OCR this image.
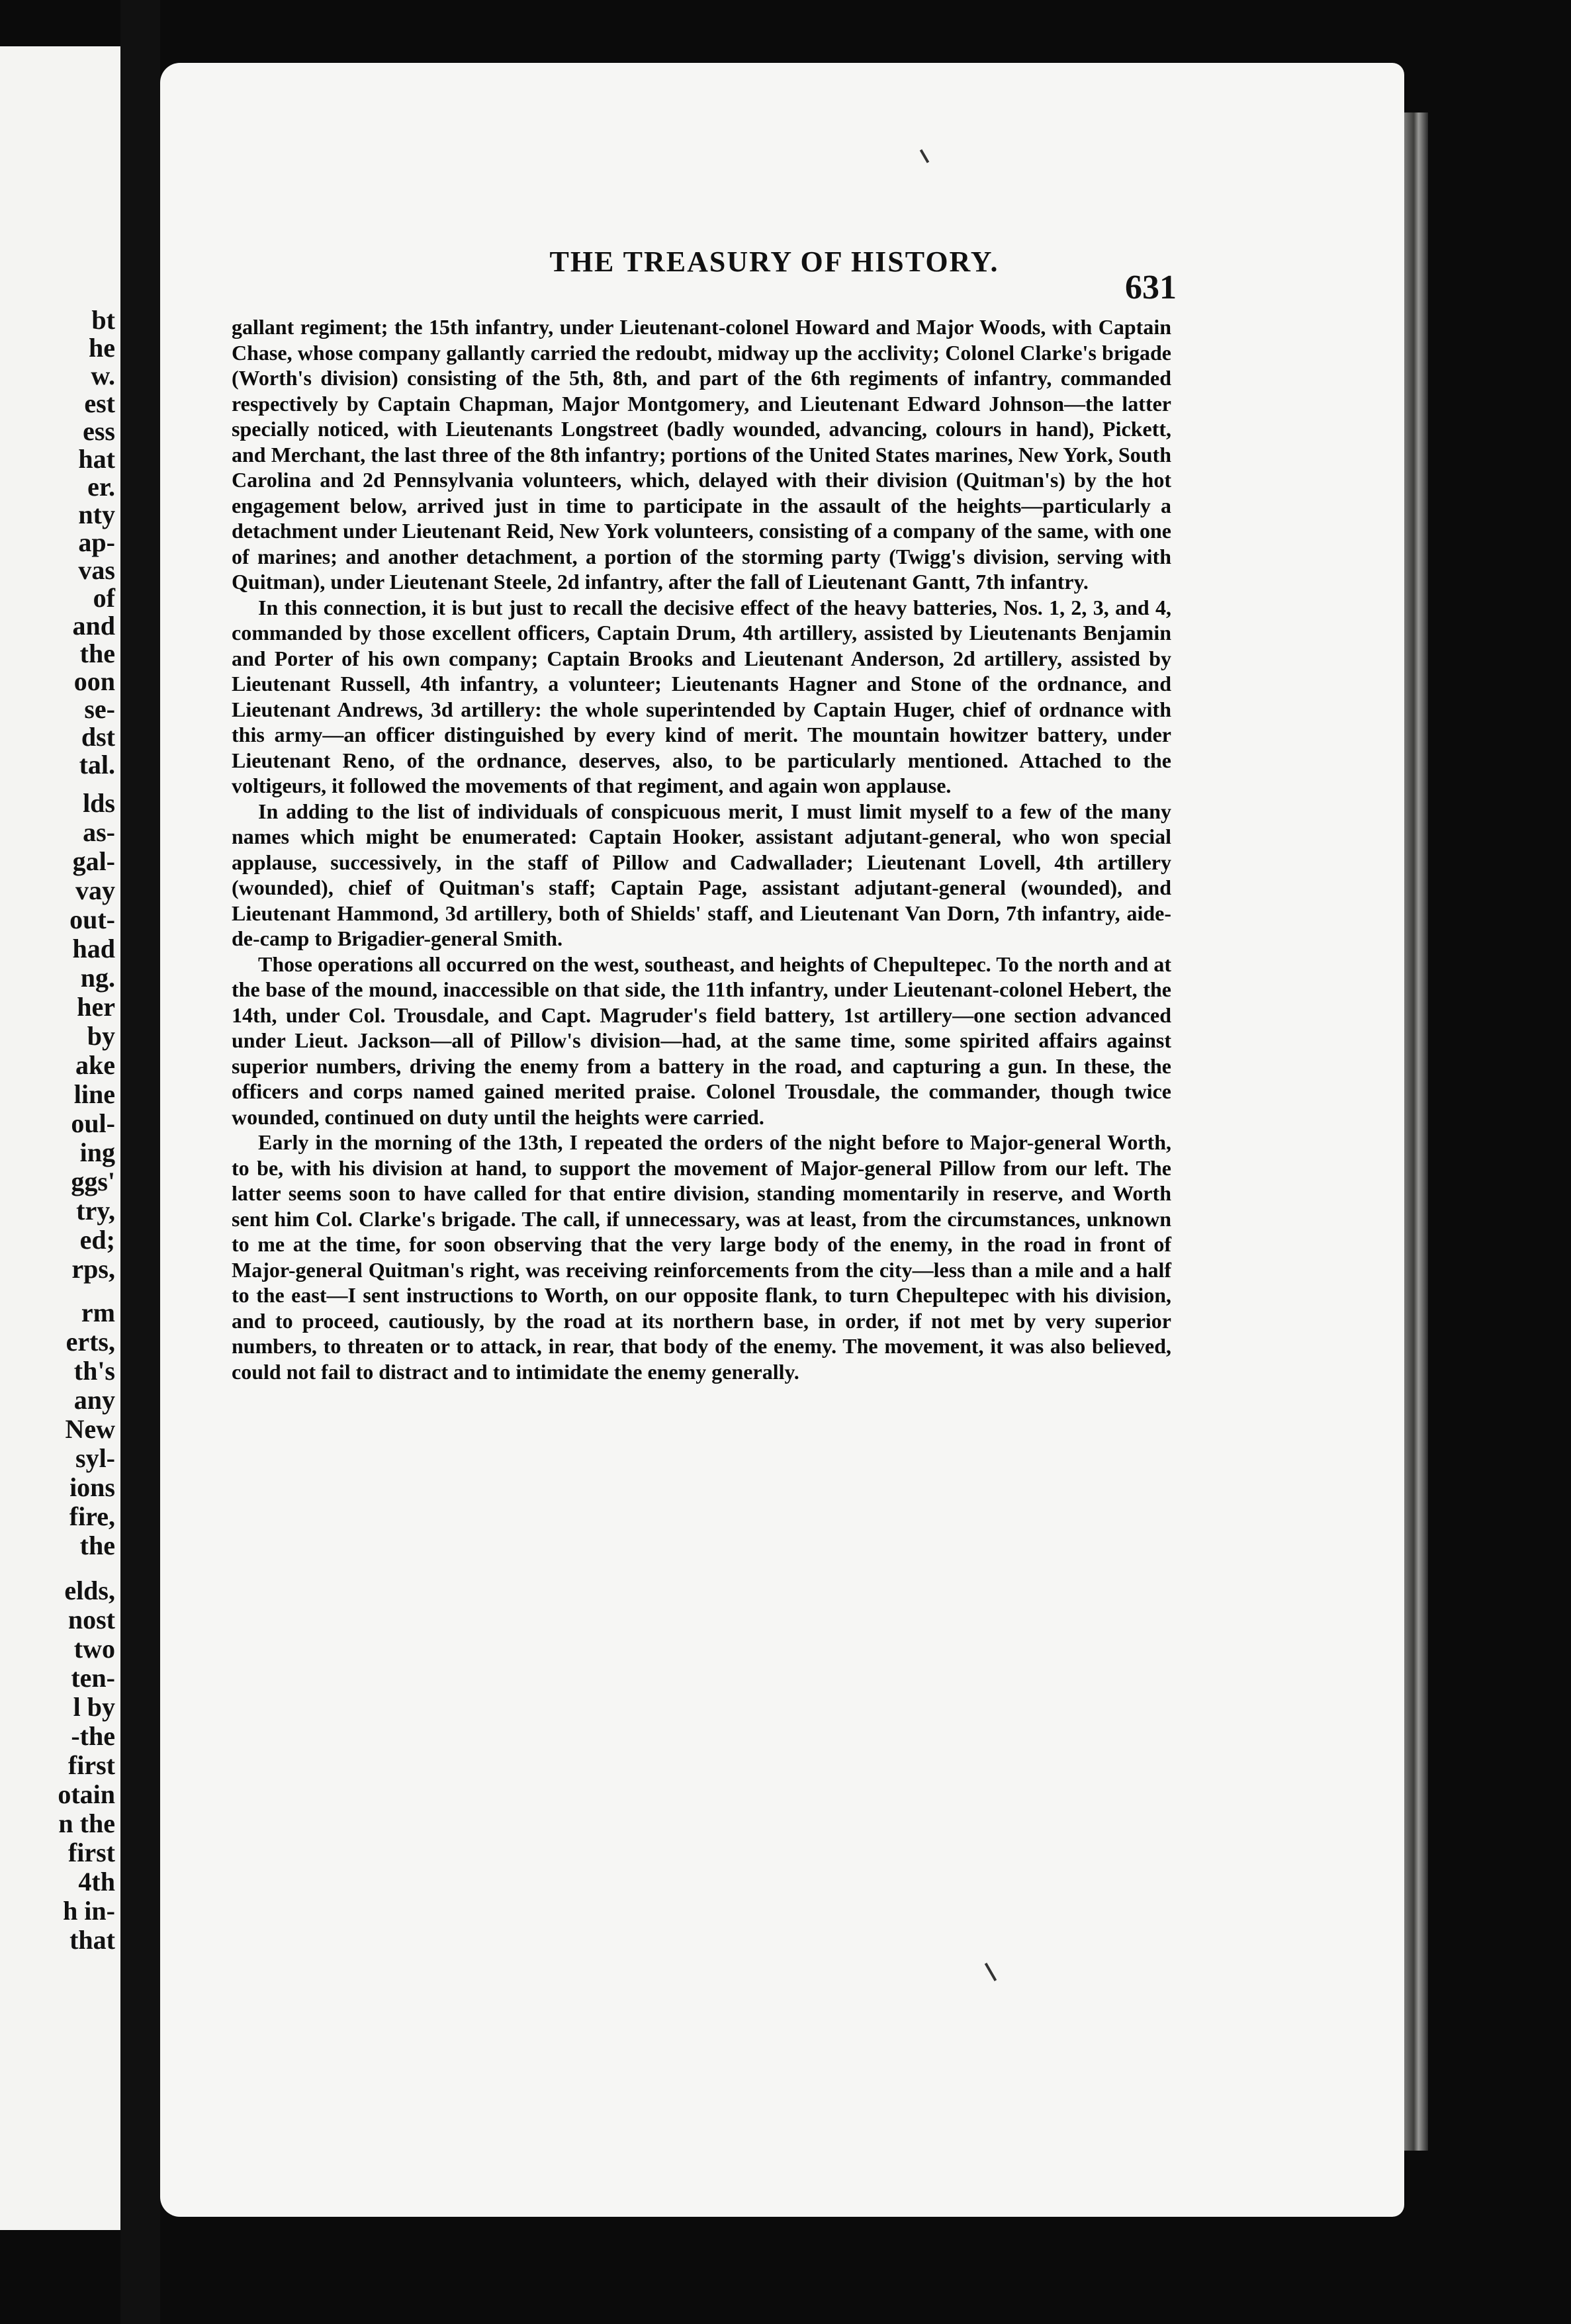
bt
he
w.
est
ess
hat
er.
nty
ap-
vas
of
and
the
oon
se-
dst
tal.
lds
as-
gal-
vay
out-
had
ng.
her
by
ake
line
oul-
ing
ggs'
try,
ed;
rps,
rm
erts,
th's
any
New
syl-
ions
fire,
the
elds,
nost
two
ten-
l by
-the
first
otain
n the
first
4th
h in-
that
THE TREASURY OF HISTORY.
631

gallant regiment; the 15th infantry, under Lieutenant-colonel Howard and Major Woods, with Captain Chase, whose company gallantly carried the redoubt, midway up the acclivity; Colonel Clarke's brigade (Worth's division) consisting of the 5th, 8th, and part of the 6th regiments of infantry, commanded respectively by Captain Chapman, Major Montgomery, and Lieutenant Edward Johnson—the latter specially noticed, with Lieutenants Longstreet (badly wounded, advancing, colours in hand), Pickett, and Merchant, the last three of the 8th infantry; portions of the United States marines, New York, South Carolina and 2d Pennsylvania volunteers, which, delayed with their division (Quitman's) by the hot engagement below, arrived just in time to participate in the assault of the heights—particularly a detachment under Lieutenant Reid, New York volunteers, consisting of a company of the same, with one of marines; and another detachment, a portion of the storming party (Twigg's division, serving with Quitman), under Lieutenant Steele, 2d infantry, after the fall of Lieutenant Gantt, 7th infantry.

In this connection, it is but just to recall the decisive effect of the heavy batteries, Nos. 1, 2, 3, and 4, commanded by those excellent officers, Captain Drum, 4th artillery, assisted by Lieutenants Benjamin and Porter of his own company; Captain Brooks and Lieutenant Anderson, 2d artillery, assisted by Lieutenant Russell, 4th infantry, a volunteer; Lieutenants Hagner and Stone of the ordnance, and Lieutenant Andrews, 3d artillery: the whole superintended by Captain Huger, chief of ordnance with this army—an officer distinguished by every kind of merit. The mountain howitzer battery, under Lieutenant Reno, of the ordnance, deserves, also, to be particularly mentioned. Attached to the voltigeurs, it followed the movements of that regiment, and again won applause.

In adding to the list of individuals of conspicuous merit, I must limit myself to a few of the many names which might be enumerated: Captain Hooker, assistant adjutant-general, who won special applause, successively, in the staff of Pillow and Cadwallader; Lieutenant Lovell, 4th artillery (wounded), chief of Quitman's staff; Captain Page, assistant adjutant-general (wounded), and Lieutenant Hammond, 3d artillery, both of Shields' staff, and Lieutenant Van Dorn, 7th infantry, aide-de-camp to Brigadier-general Smith.

Those operations all occurred on the west, southeast, and heights of Chepultepec. To the north and at the base of the mound, inaccessible on that side, the 11th infantry, under Lieutenant-colonel Hebert, the 14th, under Col. Trousdale, and Capt. Magruder's field battery, 1st artillery—one section advanced under Lieut. Jackson—all of Pillow's division—had, at the same time, some spirited affairs against superior numbers, driving the enemy from a battery in the road, and capturing a gun. In these, the officers and corps named gained merited praise. Colonel Trousdale, the commander, though twice wounded, continued on duty until the heights were carried.

Early in the morning of the 13th, I repeated the orders of the night before to Major-general Worth, to be, with his division at hand, to support the movement of Major-general Pillow from our left. The latter seems soon to have called for that entire division, standing momentarily in reserve, and Worth sent him Col. Clarke's brigade. The call, if unnecessary, was at least, from the circumstances, unknown to me at the time, for soon observing that the very large body of the enemy, in the road in front of Major-general Quitman's right, was receiving reinforcements from the city—less than a mile and a half to the east—I sent instructions to Worth, on our opposite flank, to turn Chepultepec with his division, and to proceed, cautiously, by the road at its northern base, in order, if not met by very superior numbers, to threaten or to attack, in rear, that body of the enemy. The movement, it was also believed, could not fail to distract and to intimidate the enemy generally.
